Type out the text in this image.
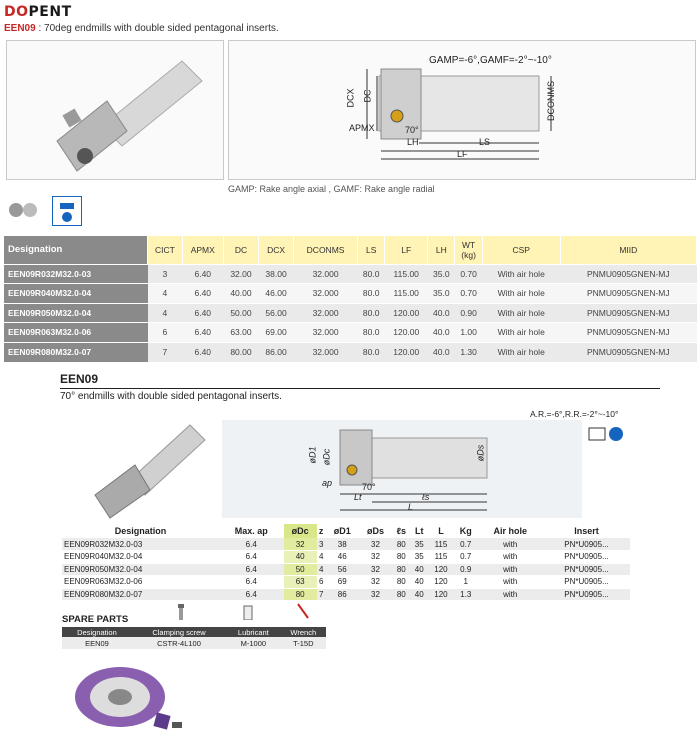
DOPENT
EEN09 : 70deg endmills with double sided pentagonal inserts.
GAMP=-6°,GAMF=-2°~-10°
DCX DC	DCONMS
APMX	70°
LH	LS
LF
GAMP: Rake angle axial , GAMF: Rake angle radial
Designation	CICT	APMX	DC	DCX	DCONMS	LS	LF	LH	WT
(kg)	CSP	MIID
EEN09R032M32.0-03	3	6.40	32.00	38.00	32.000	80.0	115.00	35.0	0.70	With air hole	PNMU0905GNEN-MJ
EEN09R040M32.0-04	4	6.40	40.00	46.00	32.000	80.0	115.00	35.0	0.70	With air hole	PNMU0905GNEN-MJ
EEN09R050M32.0-04	4	6.40	50.00	56.00	32.000	80.0	120.00	40.0	0.90	With air hole	PNMU0905GNEN-MJ
EEN09R063M32.0-06	6	6.40	63.00	69.00	32.000	80.0	120.00	40.0	1.00	With air hole	PNMU0905GNEN-MJ
EEN09R080M32.0-07	7	6.40	80.00	86.00	32.000	80.0	120.00	40.0	1.30	With air hole	PNMU0905GNEN-MJ
EEN09
70° endmills with double sided pentagonal inserts.
A.R.=-6°,R.R.=-2°~-10°
øD1 øDc	øDs
ap	70°
Lt	ℓs
L
Designation	Max. ap	øDc	z	øD1	øDs	ℓs	Lt	L	Kg	Air hole	Insert
EEN09R032M32.0-03	6.4	32	3	38	32	80	35	115	0.7	with	PN*U0905...
EEN09R040M32.0-04	6.4	40	4	46	32	80	35	115	0.7	with	PN*U0905...
EEN09R050M32.0-04	6.4	50	4	56	32	80	40	120	0.9	with	PN*U0905...
EEN09R063M32.0-06	6.4	63	6	69	32	80	40	120	1	with	PN*U0905...
EEN09R080M32.0-07	6.4	80	7	86	32	80	40	120	1.3	with	PN*U0905...
SPARE PARTS
Designation	Clamping screw	Lubricant	Wrench
EEN09	CSTR-4L100	M-1000	T-15D
